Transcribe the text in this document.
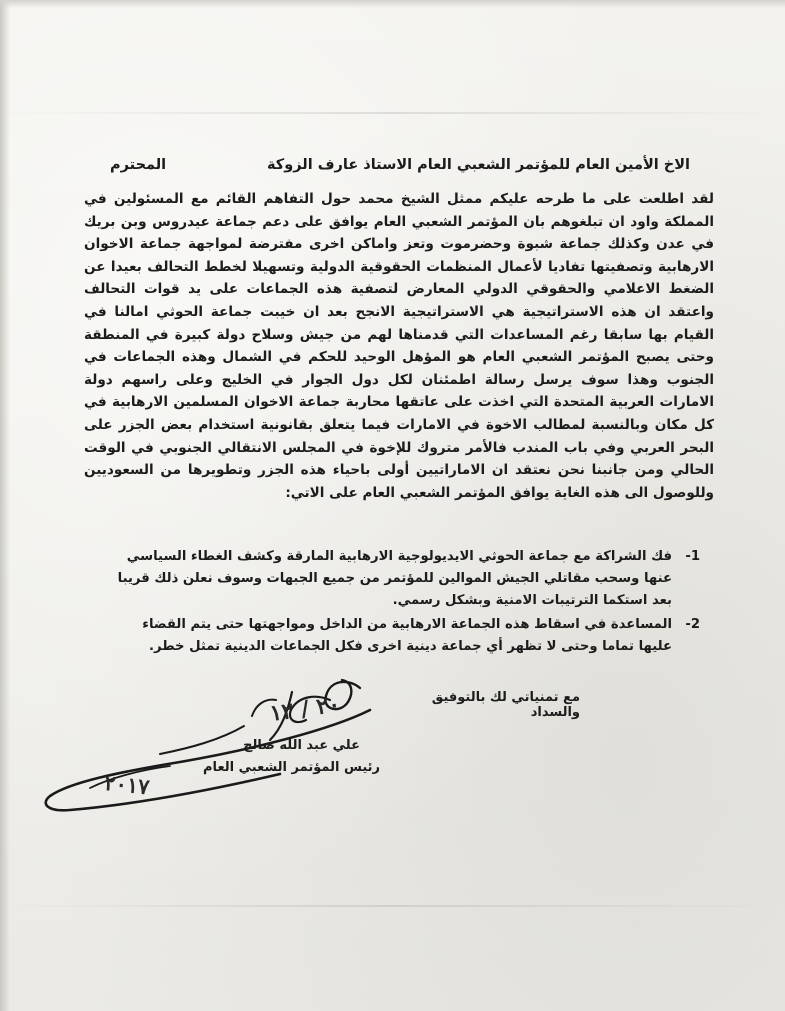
الاخ الأمين العام للمؤتمر الشعبي العام الاستاذ عارف الزوكة
المحترم

لقد اطلعت على ما طرحه عليكم ممثل الشيخ محمد حول التفاهم القائم مع المسئولين في المملكة واود ان تبلغوهم بان المؤتمر الشعبي العام يوافق على دعم جماعة عيدروس وبن بريك في عدن وكذلك جماعة شبوة وحضرموت وتعز واماكن اخرى مفترضة لمواجهة جماعة الاخوان الارهابية وتصفيتها تفاديا لأعمال المنظمات الحقوقية الدولية وتسهيلا لخطط التحالف بعيدا عن الضغط الاعلامي والحقوقي الدولي المعارض لتصفية هذه الجماعات على يد قوات التحالف واعتقد ان هذه الاستراتيجية هي الاستراتيجية الانجح بعد ان خيبت جماعة الحوثي امالنا في القيام بها سابقا رغم المساعدات التي قدمناها لهم من جيش وسلاح دولة كبيرة في المنطقة وحتى يصبح المؤتمر الشعبي العام هو المؤهل الوحيد للحكم في الشمال وهذه الجماعات في الجنوب وهذا سوف يرسل رسالة اطمئنان لكل دول الجوار في الخليج وعلى راسهم دولة الامارات العربية المتحدة التي اخذت على عاتقها محاربة جماعة الاخوان المسلمين الارهابية في كل مكان وبالنسبة لمطالب الاخوة في الامارات فيما يتعلق بقانونية استخدام بعض الجزر على البحر العربي وفي باب المندب فالأمر متروك للإخوة في المجلس الانتقالي الجنوبي في الوقت الحالي ومن جانبنا نحن نعتقد ان الاماراتيين أولى باحياء هذه الجزر وتطويرها من السعوديين وللوصول الى هذه الغاية يوافق المؤتمر الشعبي العام على الاتي:

1-
فك الشراكة مع جماعة الحوثي الايديولوجية الارهابية المارقة وكشف الغطاء السياسي عنها وسحب مقاتلي الجيش الموالين للمؤتمر من جميع الجبهات وسوف نعلن ذلك قريبا بعد استكما الترتيبات الامنية وبشكل رسمي.
2-
المساعدة في اسقاط هذه الجماعة الارهابية من الداخل ومواجهتها حتى يتم القضاء عليها تماما وحتى لا تظهر أي جماعة دينية اخرى فكل الجماعات الدينية تمثل خطر.
مع تمنياتي لك بالتوفيق والسداد
٢٠ / ١٢
علي عبد الله صالح
رئيس المؤتمر الشعبي العام
٢٠١٧
